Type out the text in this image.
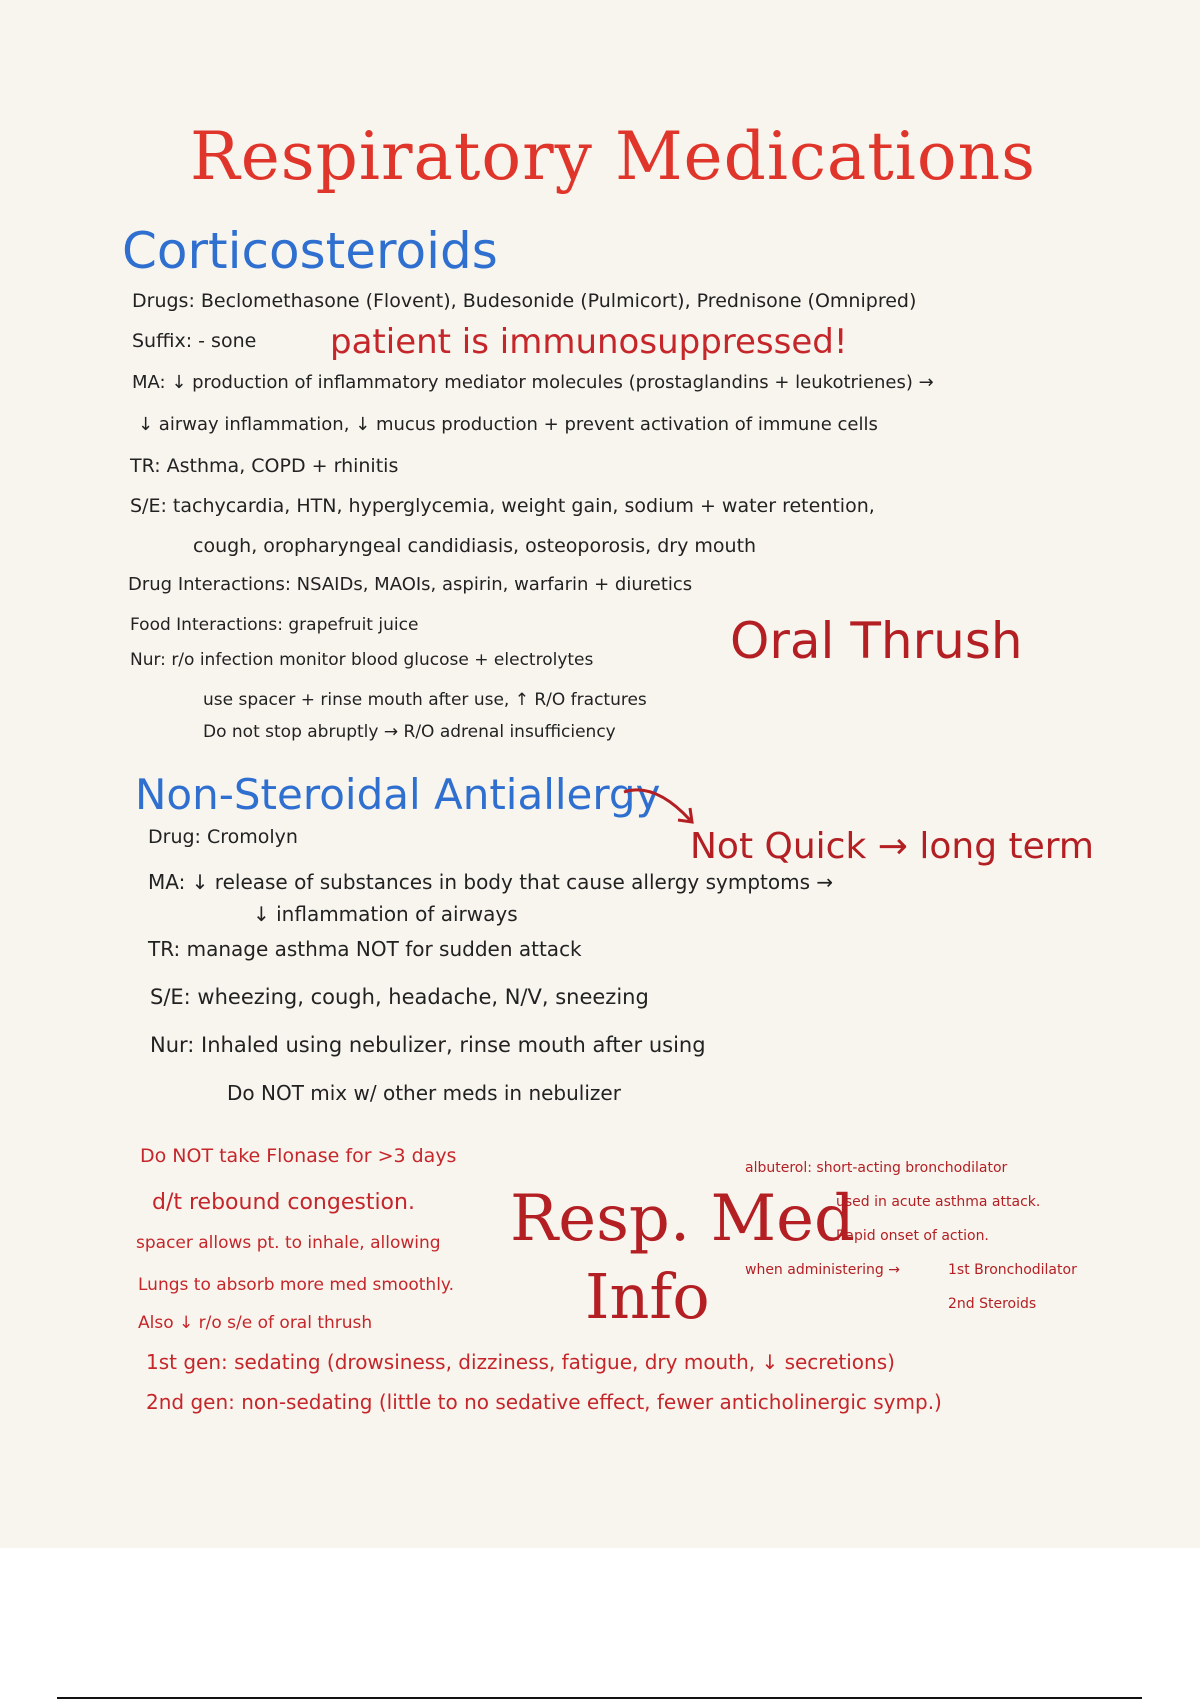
Respiratory Medications
Corticosteroids
Drugs: Beclomethasone (Flovent), Budesonide (Pulmicort), Prednisone (Omnipred)
Suffix: - sone patient is immunosuppressed!
MA: ↓ production of inflammatory mediator molecules (prostaglandins + leukotrienes) →
↓ airway inflammation, ↓ mucus production + prevent activation of immune cells
TR: Asthma, COPD + rhinitis
S/E: tachycardia, HTN, hyperglycemia, weight gain, sodium + water retention,
cough, oropharyngeal candidiasis, osteoporosis, dry mouth
Drug Interactions: NSAIDs, MAOIs, aspirin, warfarin + diuretics
Food Interactions: grapefruit juice
Nur: r/o infection monitor blood glucose + electrolytes
use spacer + rinse mouth after use, ↑ R/O fractures
Do not stop abruptly → R/O adrenal insufficiency
Oral Thrush
Non-Steroidal Antiallergy
Drug: Cromolyn	Not Quick → long term
MA: ↓ release of substances in body that cause allergy symptoms →
↓ inflammation of airways
TR: manage asthma NOT for sudden attack
S/E: wheezing, cough, headache, N/V, sneezing
Nur: Inhaled using nebulizer, rinse mouth after using
Do NOT mix w/ other meds in nebulizer
Resp. Med
Info
Do NOT take Flonase for >3 days
d/t rebound congestion.
spacer allows pt. to inhale, allowing
Lungs to absorb more med smoothly.
Also ↓ r/o s/e of oral thrush
albuterol: short-acting bronchodilator
used in acute asthma attack.
Rapid onset of action.
when administering →	1st Bronchodilator
2nd Steroids
1st gen: sedating (drowsiness, dizziness, fatigue, dry mouth, ↓ secretions)
2nd gen: non-sedating (little to no sedative effect, fewer anticholinergic symp.)
